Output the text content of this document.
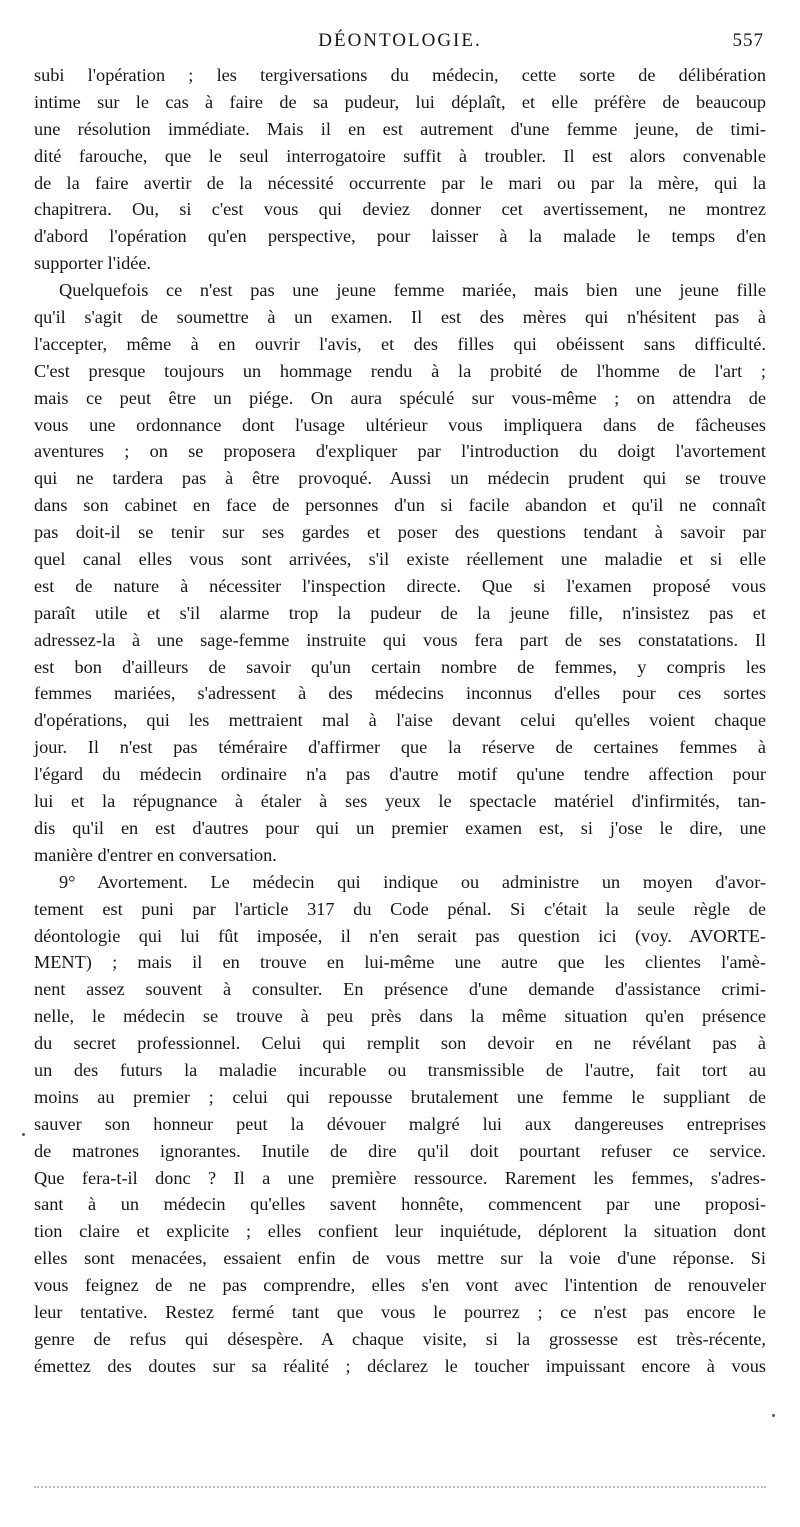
DÉONTOLOGIE.	557
subi l'opération ; les tergiversations du médecin, cette sorte de délibération
intime sur le cas à faire de sa pudeur, lui déplaît, et elle préfère de beaucoup
une résolution immédiate. Mais il en est autrement d'une femme jeune, de timi-
dité farouche, que le seul interrogatoire suffit à troubler. Il est alors convenable
de la faire avertir de la nécessité occurrente par le mari ou par la mère, qui la
chapitrera. Ou, si c'est vous qui deviez donner cet avertissement, ne montrez
d'abord l'opération qu'en perspective, pour laisser à la malade le temps d'en
supporter l'idée.
Quelquefois ce n'est pas une jeune femme mariée, mais bien une jeune fille
qu'il s'agit de soumettre à un examen. Il est des mères qui n'hésitent pas à
l'accepter, même à en ouvrir l'avis, et des filles qui obéissent sans difficulté.
C'est presque toujours un hommage rendu à la probité de l'homme de l'art ;
mais ce peut être un piége. On aura spéculé sur vous-même ; on attendra de
vous une ordonnance dont l'usage ultérieur vous impliquera dans de fâcheuses
aventures ; on se proposera d'expliquer par l'introduction du doigt l'avortement
qui ne tardera pas à être provoqué. Aussi un médecin prudent qui se trouve
dans son cabinet en face de personnes d'un si facile abandon et qu'il ne connaît
pas doit-il se tenir sur ses gardes et poser des questions tendant à savoir par
quel canal elles vous sont arrivées, s'il existe réellement une maladie et si elle
est de nature à nécessiter l'inspection directe. Que si l'examen proposé vous
paraît utile et s'il alarme trop la pudeur de la jeune fille, n'insistez pas et
adressez-la à une sage-femme instruite qui vous fera part de ses constatations. Il
est bon d'ailleurs de savoir qu'un certain nombre de femmes, y compris les
femmes mariées, s'adressent à des médecins inconnus d'elles pour ces sortes
d'opérations, qui les mettraient mal à l'aise devant celui qu'elles voient chaque
jour. Il n'est pas téméraire d'affirmer que la réserve de certaines femmes à
l'égard du médecin ordinaire n'a pas d'autre motif qu'une tendre affection pour
lui et la répugnance à étaler à ses yeux le spectacle matériel d'infirmités, tan-
dis qu'il en est d'autres pour qui un premier examen est, si j'ose le dire, une
manière d'entrer en conversation.
9° Avortement. Le médecin qui indique ou administre un moyen d'avor-
tement est puni par l'article 317 du Code pénal. Si c'était la seule règle de
déontologie qui lui fût imposée, il n'en serait pas question ici (voy. AVORTE-
MENT) ; mais il en trouve en lui-même une autre que les clientes l'amè-
nent assez souvent à consulter. En présence d'une demande d'assistance crimi-
nelle, le médecin se trouve à peu près dans la même situation qu'en présence
du secret professionnel. Celui qui remplit son devoir en ne révélant pas à
un des futurs la maladie incurable ou transmissible de l'autre, fait tort au
moins au premier ; celui qui repousse brutalement une femme le suppliant de
sauver son honneur peut la dévouer malgré lui aux dangereuses entreprises
de matrones ignorantes. Inutile de dire qu'il doit pourtant refuser ce service.
Que fera-t-il donc ? Il a une première ressource. Rarement les femmes, s'adres-
sant à un médecin qu'elles savent honnête, commencent par une proposi-
tion claire et explicite ; elles confient leur inquiétude, déplorent la situation dont
elles sont menacées, essaient enfin de vous mettre sur la voie d'une réponse. Si
vous feignez de ne pas comprendre, elles s'en vont avec l'intention de renouveler
leur tentative. Restez fermé tant que vous le pourrez ; ce n'est pas encore le
genre de refus qui désespère. A chaque visite, si la grossesse est très-récente,
émettez des doutes sur sa réalité ; déclarez le toucher impuissant encore à vous
